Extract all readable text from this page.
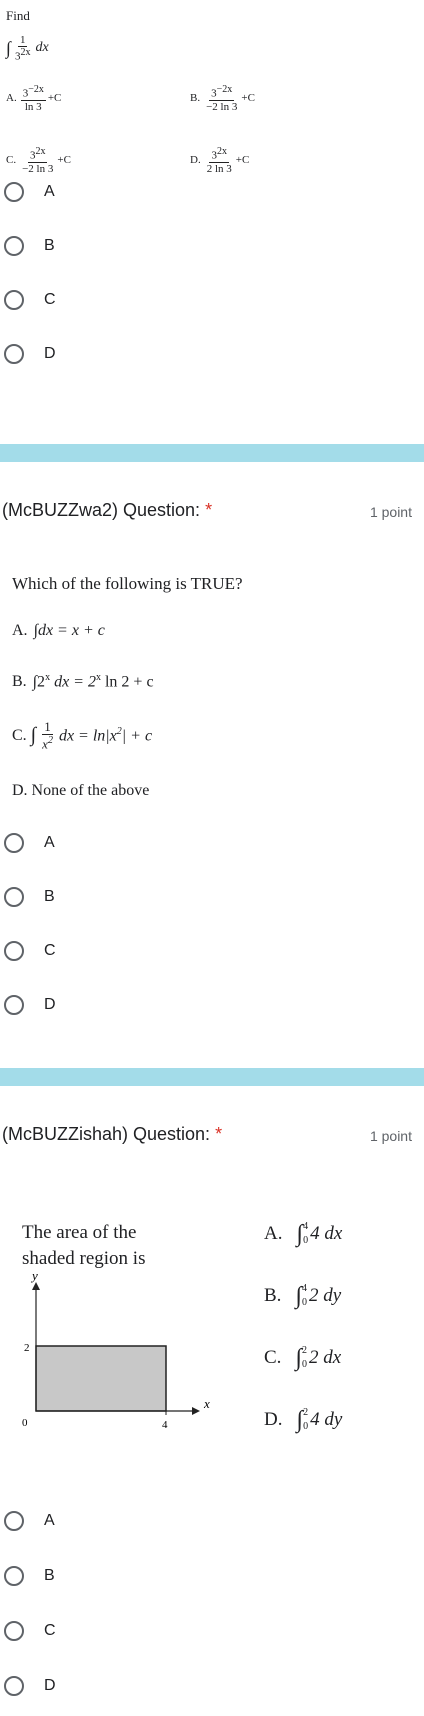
Find
∫ $\frac{1}{3^{2x}}$ dx
A. $\frac{3^{-2x}}{\ln 3} +C$	B. $\frac{3^{-2x}}{-2 \ln 3} +C$
C. $\frac{3^{2x}}{-2 \ln 3} +C$	D. $\frac{3^{2x}}{2 \ln 3} +C$
A
B
C
D
(McBUZZwa2) Question: *	1 point
Which of the following is TRUE?
A. ∫dx = x + c
B. ∫2$^x$ dx = $2^x$ ln 2 + c
C. ∫ $\frac{1}{x^2}$ dx = $\ln|x^2| + c$
D. None of the above
A
B
C
D
(McBUZZishah) Question: *	1 point
The area of the
shaded region is
y
x
2
4
0
A. ∫ 4
0 4 dx
B. ∫ 4
0 2 dy
C. ∫ 2
0 2 dx
D. ∫ 2
0 4 dy
A
B
C
D
